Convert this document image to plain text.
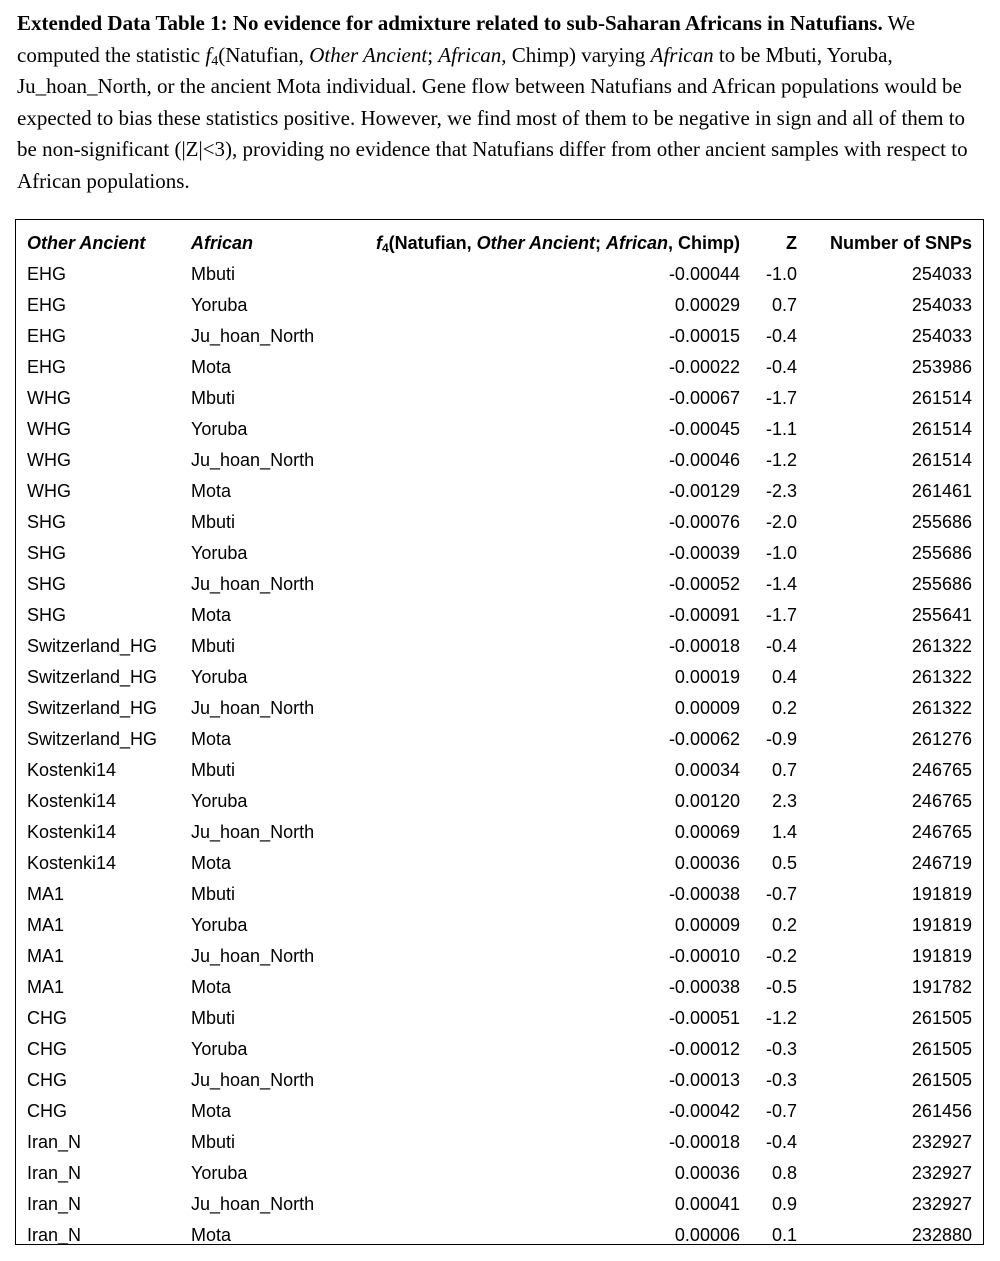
Extended Data Table 1: No evidence for admixture related to sub-Saharan Africans in Natufians. We computed the statistic $f_4(Natufian$, Other Ancient; African, Chimp) varying African to be Mbuti, Yoruba, Ju_hoan_North, or the ancient Mota individual. Gene flow between Natufians and African populations would be expected to bias these statistics positive. However, we find most of them to be negative in sign and all of them to be non-significant (|Z|<3), providing no evidence that Natufians differ from other ancient samples with respect to African populations.

Other Ancient	African	$f_4(Natufian$, Other Ancient; African, Chimp)	Z	Number of SNPs
EHG	Mbuti	-0.00044	-1.0	254033
EHG	Yoruba	0.00029	0.7	254033
EHG	Ju_hoan_North	-0.00015	-0.4	254033
EHG	Mota	-0.00022	-0.4	253986
WHG	Mbuti	-0.00067	-1.7	261514
WHG	Yoruba	-0.00045	-1.1	261514
WHG	Ju_hoan_North	-0.00046	-1.2	261514
WHG	Mota	-0.00129	-2.3	261461
SHG	Mbuti	-0.00076	-2.0	255686
SHG	Yoruba	-0.00039	-1.0	255686
SHG	Ju_hoan_North	-0.00052	-1.4	255686
SHG	Mota	-0.00091	-1.7	255641
Switzerland_HG	Mbuti	-0.00018	-0.4	261322
Switzerland_HG	Yoruba	0.00019	0.4	261322
Switzerland_HG	Ju_hoan_North	0.00009	0.2	261322
Switzerland_HG	Mota	-0.00062	-0.9	261276
Kostenki14	Mbuti	0.00034	0.7	246765
Kostenki14	Yoruba	0.00120	2.3	246765
Kostenki14	Ju_hoan_North	0.00069	1.4	246765
Kostenki14	Mota	0.00036	0.5	246719
MA1	Mbuti	-0.00038	-0.7	191819
MA1	Yoruba	0.00009	0.2	191819
MA1	Ju_hoan_North	-0.00010	-0.2	191819
MA1	Mota	-0.00038	-0.5	191782
CHG	Mbuti	-0.00051	-1.2	261505
CHG	Yoruba	-0.00012	-0.3	261505
CHG	Ju_hoan_North	-0.00013	-0.3	261505
CHG	Mota	-0.00042	-0.7	261456
Iran_N	Mbuti	-0.00018	-0.4	232927
Iran_N	Yoruba	0.00036	0.8	232927
Iran_N	Ju_hoan_North	0.00041	0.9	232927
Iran_N	Mota	0.00006	0.1	232880
